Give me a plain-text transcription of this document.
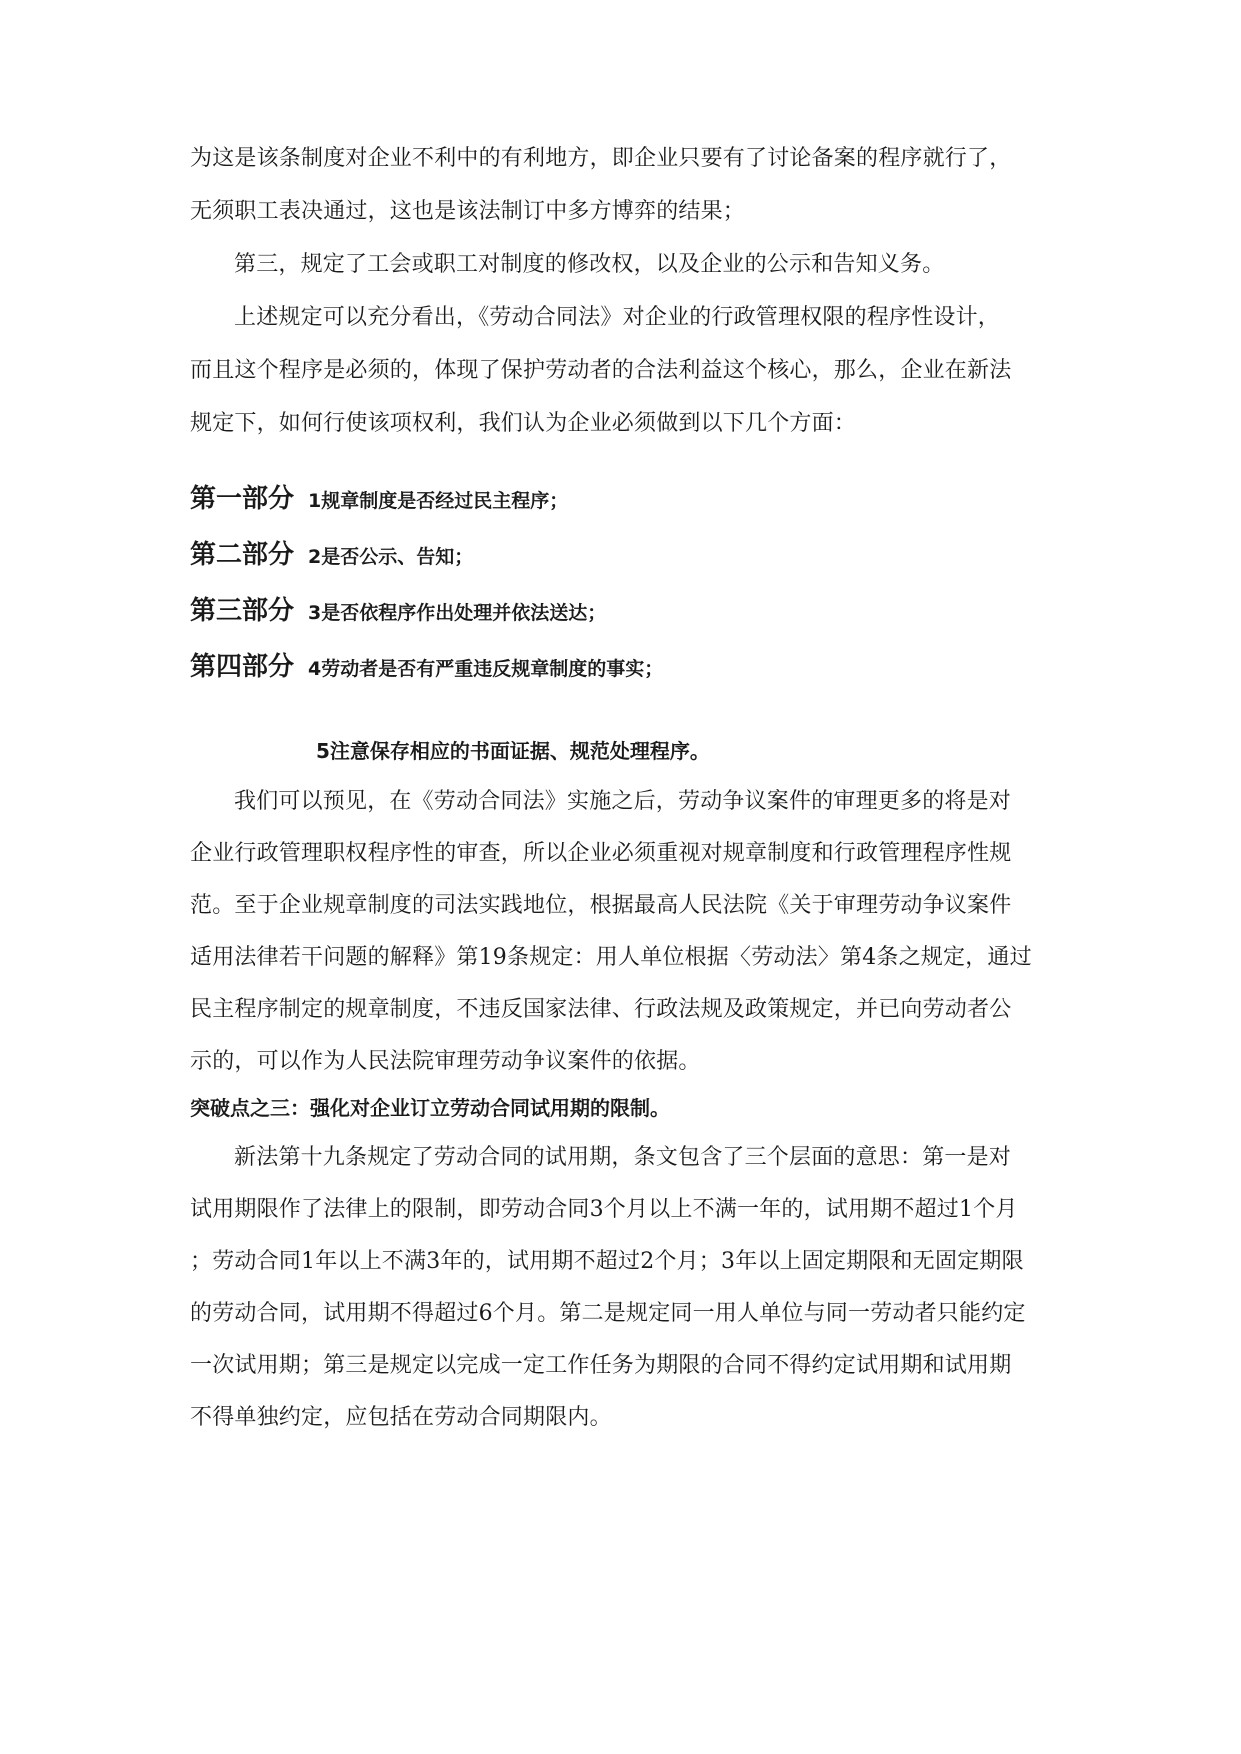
为这是该条制度对企业不利中的有利地方，即企业只要有了讨论备案的程序就行了，
无须职工表决通过，这也是该法制订中多方博弈的结果；
第三，规定了工会或职工对制度的修改权，以及企业的公示和告知义务。
上述规定可以充分看出，《劳动合同法》对企业的行政管理权限的程序性设计，
而且这个程序是必须的，体现了保护劳动者的合法利益这个核心，那么，企业在新法
规定下，如何行使该项权利，我们认为企业必须做到以下几个方面：
第一部分 1规章制度是否经过民主程序；
第二部分 2是否公示、告知；
第三部分 3是否依程序作出处理并依法送达；
第四部分 4劳动者是否有严重违反规章制度的事实；
5注意保存相应的书面证据、规范处理程序。
我们可以预见，在《劳动合同法》实施之后，劳动争议案件的审理更多的将是对
企业行政管理职权程序性的审查，所以企业必须重视对规章制度和行政管理程序性规
范。至于企业规章制度的司法实践地位，根据最高人民法院《关于审理劳动争议案件
适用法律若干问题的解释》第19条规定：用人单位根据〈劳动法〉第4条之规定，通过
民主程序制定的规章制度，不违反国家法律、行政法规及政策规定，并已向劳动者公
示的，可以作为人民法院审理劳动争议案件的依据。
突破点之三：强化对企业订立劳动合同试用期的限制。
新法第十九条规定了劳动合同的试用期，条文包含了三个层面的意思：第一是对
试用期限作了法律上的限制，即劳动合同3个月以上不满一年的，试用期不超过1个月
；劳动合同1年以上不满3年的，试用期不超过2个月；3年以上固定期限和无固定期限
的劳动合同，试用期不得超过6个月。第二是规定同一用人单位与同一劳动者只能约定
一次试用期；第三是规定以完成一定工作任务为期限的合同不得约定试用期和试用期
不得单独约定，应包括在劳动合同期限内。
